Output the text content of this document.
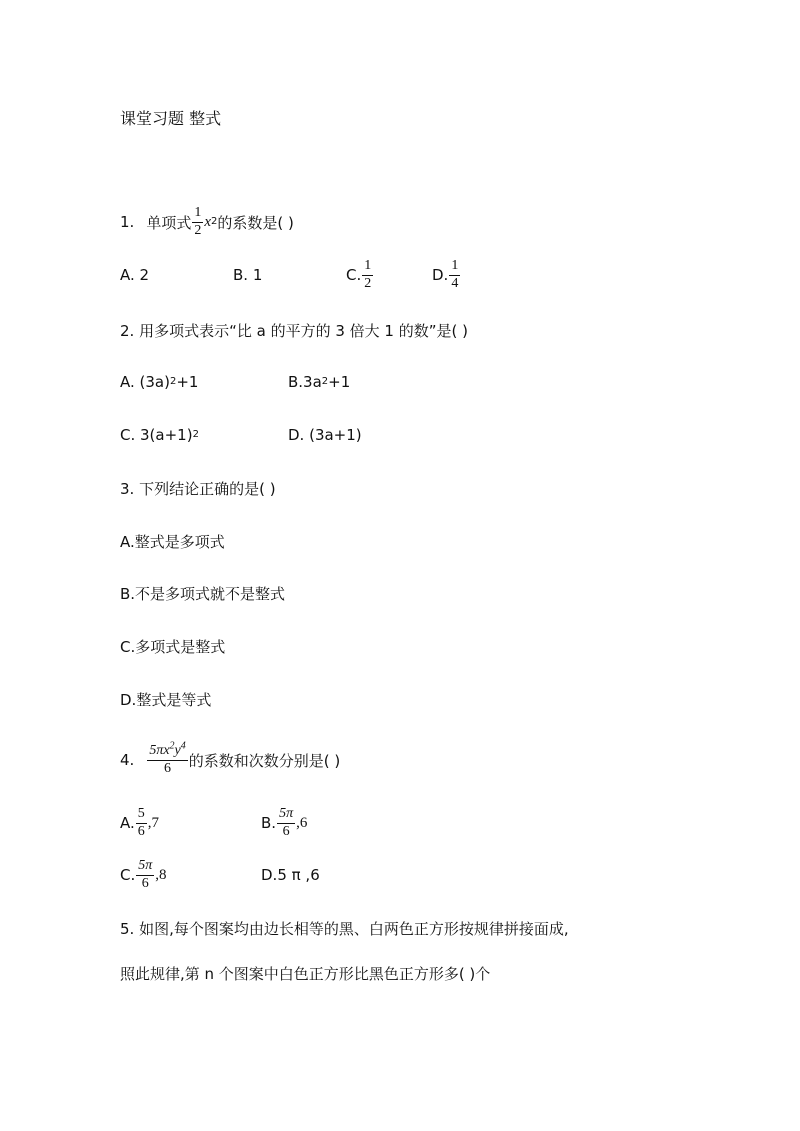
课堂习题 整式
1. 单项式 $\frac{1}{2}$ x 2 的系数是( )
A. 2	B. 1	C. $\frac{1}{2}$	D. $\frac{1}{4}$
2. 用多项式表示“比 a 的平方的 3 倍大 1 的数”是( )
A. (3a) 2 +1	B.3a 2 +1
C. 3(a+1) 2	D. (3a+1)
3. 下列结论正确的是( )
A.整式是多项式
B.不是多项式就不是整式
C.多项式是整式
D.整式是等式
4. $\frac{5\pi x^2y^4}{6}$ 的系数和次数分别是( )
A. $\frac{5}{6} ,7$	B. $\frac{5\pi}{6} ,6$
C. $\frac{5\pi}{6} ,8$	D.5 π ,6
5. 如图,每个图案均由边长相等的黑、白两色正方形按规律拼接面成,
照此规律,第 n 个图案中白色正方形比黑色正方形多( )个
